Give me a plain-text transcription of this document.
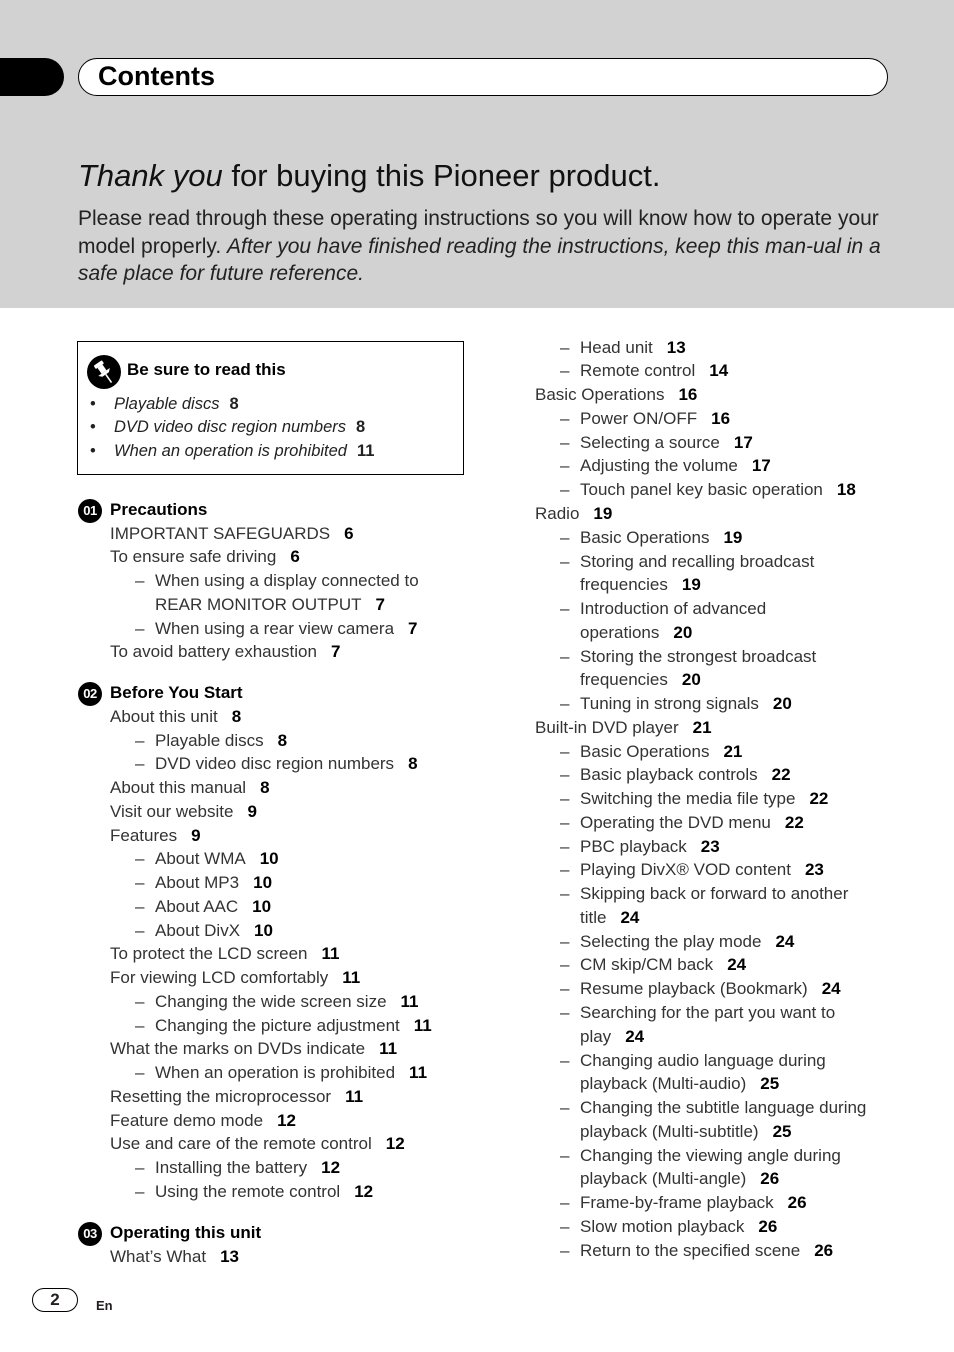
Contents
Thank you for buying this Pioneer product.

Please read through these operating instructions so you will know how to operate your model properly. After you have finished reading the instructions, keep this man-ual in a safe place for future reference.

Be sure to read this
• Playable discs 8
• DVD video disc region numbers 8
• When an operation is prohibited 11
01 Precautions
02 Before You Start
03 Operating this unit
IMPORTANT SAFEGUARDS 6
To ensure safe driving 6
– When using a display connected to
REAR MONITOR OUTPUT 7
– When using a rear view camera 7
To avoid battery exhaustion 7
About this unit 8
– Playable discs 8
– DVD video disc region numbers 8
About this manual 8
Visit our website 9
Features 9
– About WMA 10
– About MP3 10
– About AAC 10
– About DivX 10
To protect the LCD screen 11
For viewing LCD comfortably 11
– Changing the wide screen size 11
– Changing the picture adjustment 11
What the marks on DVDs indicate 11
– When an operation is prohibited 11
Resetting the microprocessor 11
Feature demo mode 12
Use and care of the remote control 12
– Installing the battery 12
– Using the remote control 12
What’s What 13
– Head unit 13
– Remote control 14
Basic Operations 16
– Power ON/OFF 16
– Selecting a source 17
– Adjusting the volume 17
– Touch panel key basic operation 18
Radio 19
– Basic Operations 19
– Storing and recalling broadcast
frequencies 19
– Introduction of advanced
operations 20
– Storing the strongest broadcast
frequencies 20
– Tuning in strong signals 20
Built-in DVD player 21
– Basic Operations 21
– Basic playback controls 22
– Switching the media file type 22
– Operating the DVD menu 22
– PBC playback 23
– Playing DivX® VOD content 23
– Skipping back or forward to another
title 24
– Selecting the play mode 24
– CM skip/CM back 24
– Resume playback (Bookmark) 24
– Searching for the part you want to
play 24
– Changing audio language during
playback (Multi-audio) 25
– Changing the subtitle language during
playback (Multi-subtitle) 25
– Changing the viewing angle during
playback (Multi-angle) 26
– Frame-by-frame playback 26
– Slow motion playback 26
– Return to the specified scene 26
2	En
